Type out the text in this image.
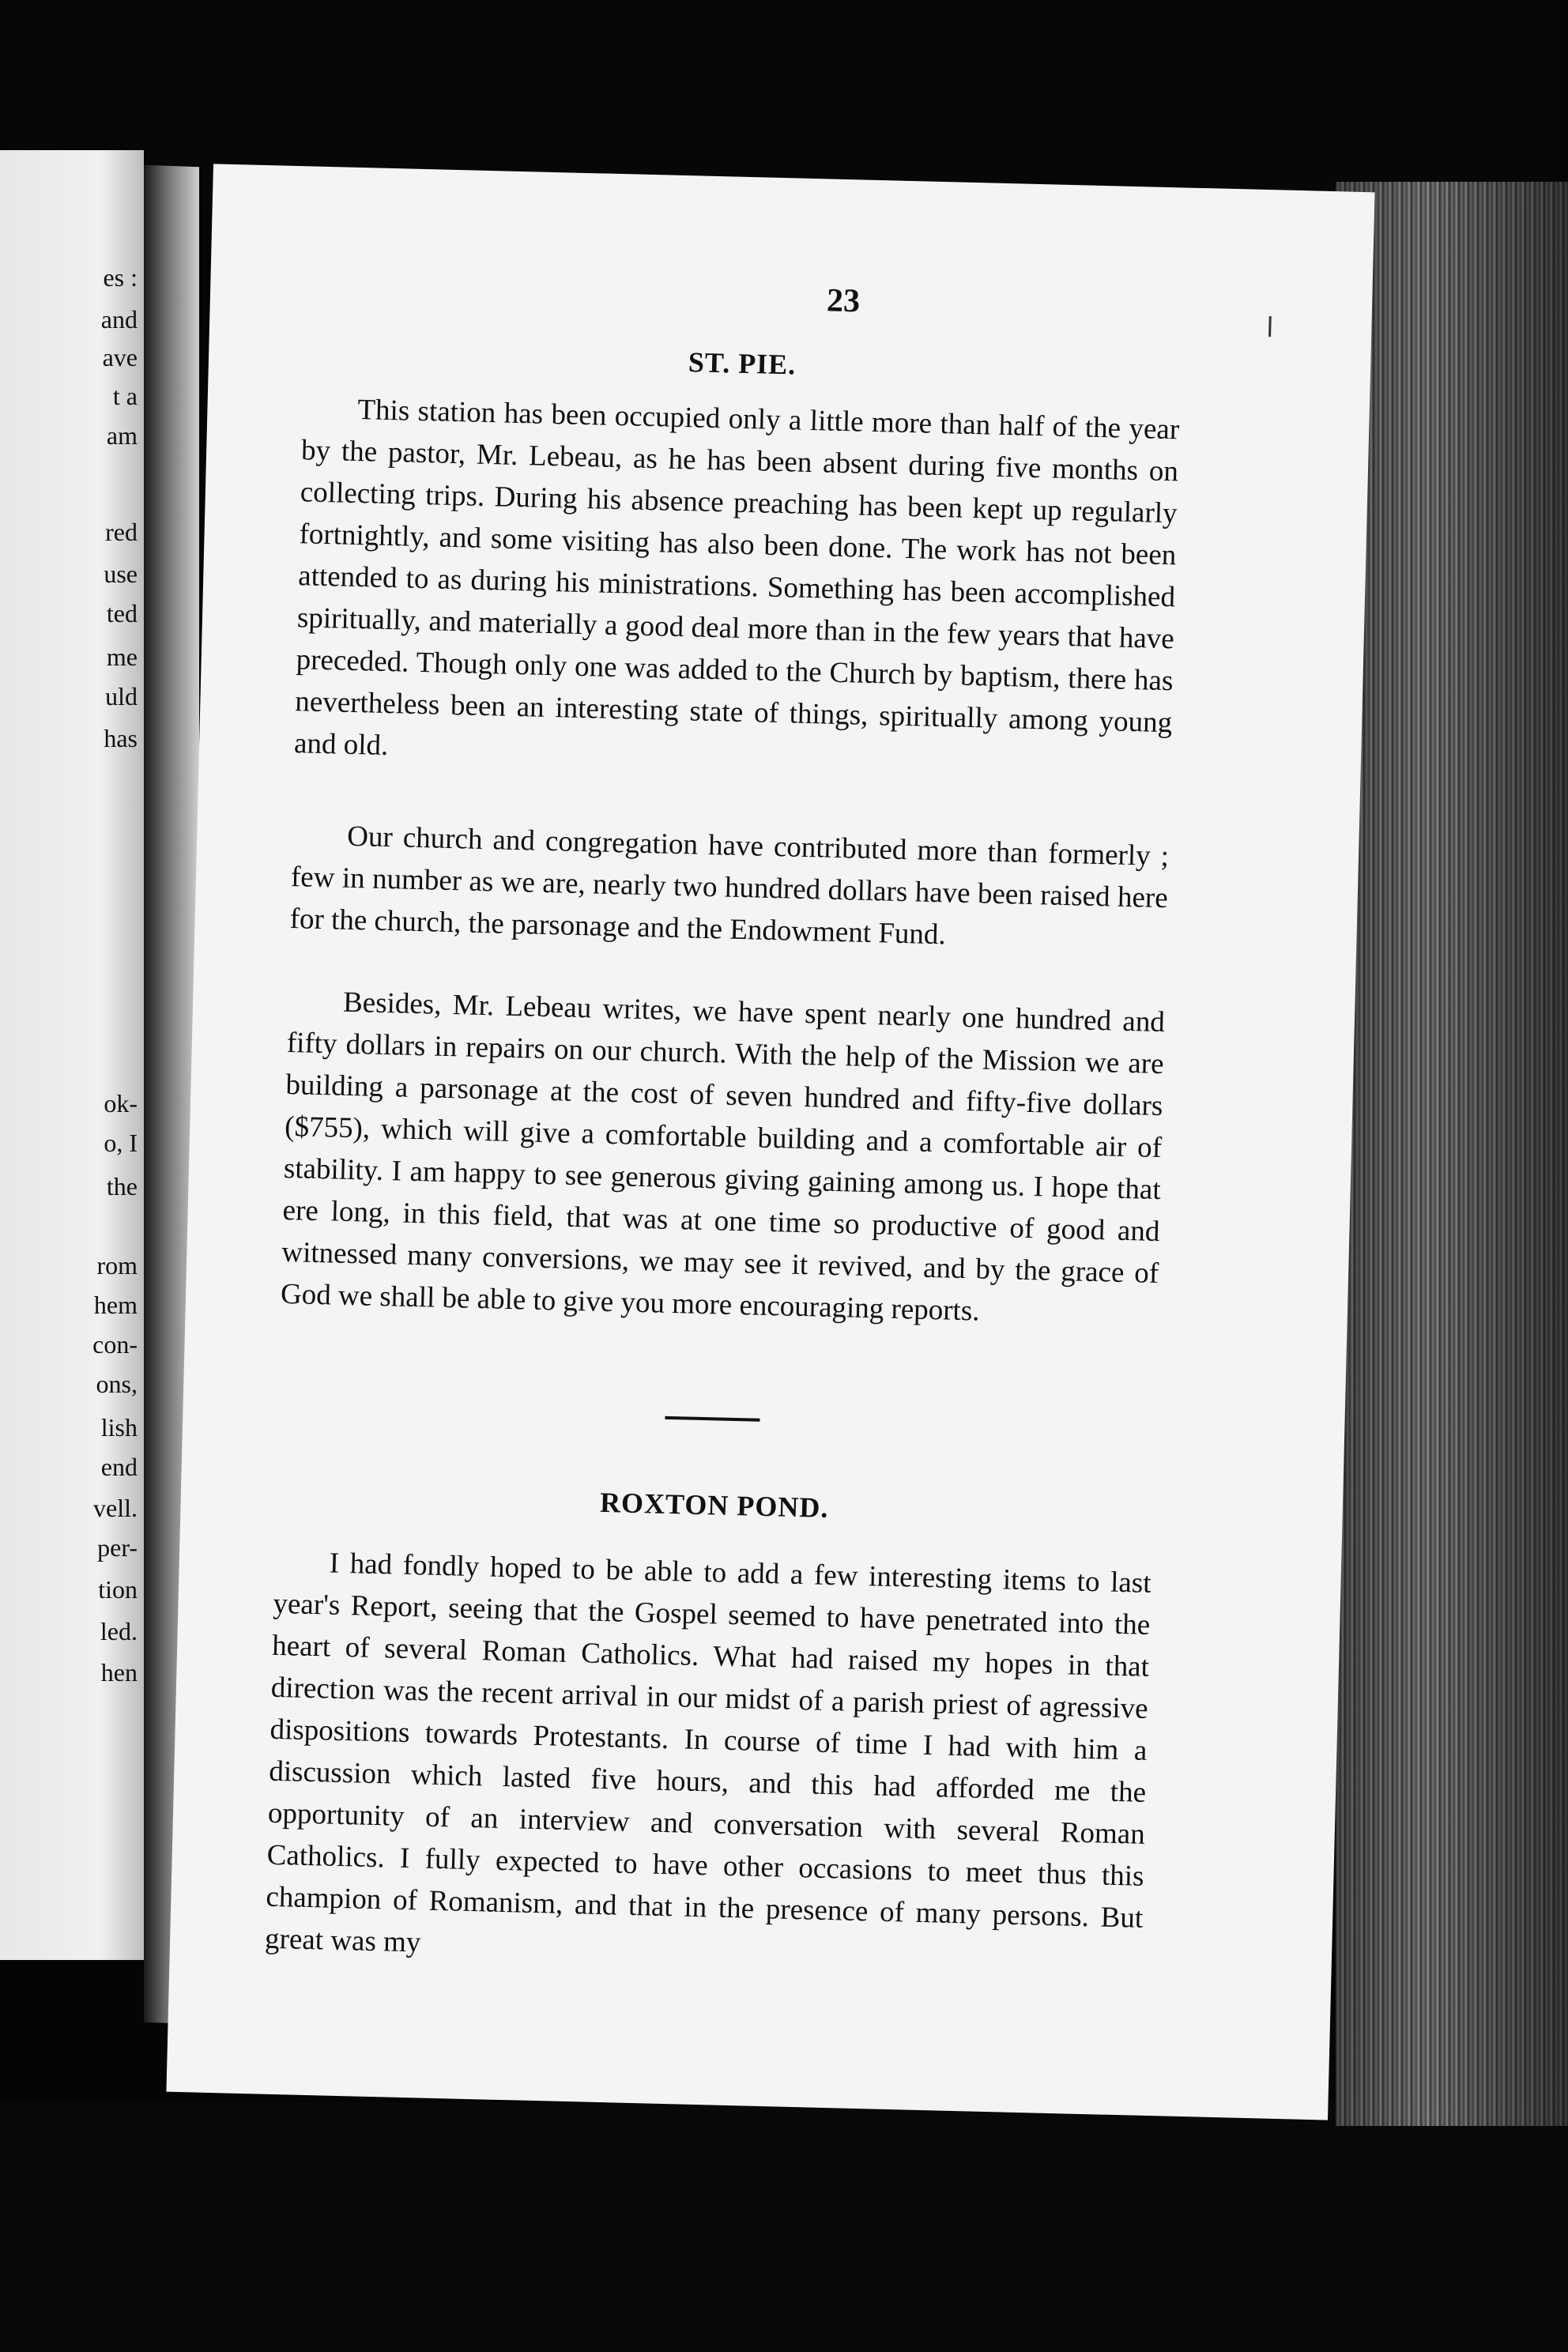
es :
and
ave
t a
am
red
use
ted
me
uld
has
ok-
o, I
the
rom
hem
con-
ons,
lish
end
vell.
per-
tion
led.
hen
23
ST. PIE.
This station has been occupied only a little more than half of the year by the pastor, Mr. Lebeau, as he has been absent during five months on collecting trips. During his absence preaching has been kept up regularly fortnightly, and some visiting has also been done. The work has not been attended to as during his ministrations. Something has been accomplished spiritually, and materially a good deal more than in the few years that have preceded. Though only one was added to the Church by baptism, there has nevertheless been an interesting state of things, spiritually among young and old.
Our church and congregation have contributed more than formerly ; few in number as we are, nearly two hundred dollars have been raised here for the church, the parsonage and the Endowment Fund.
Besides, Mr. Lebeau writes, we have spent nearly one hundred and fifty dollars in repairs on our church. With the help of the Mission we are building a parsonage at the cost of seven hundred and fifty-five dollars ($755), which will give a comfortable building and a comfortable air of stability. I am happy to see generous giving gaining among us. I hope that ere long, in this field, that was at one time so productive of good and witnessed many conversions, we may see it revived, and by the grace of God we shall be able to give you more encouraging reports.
ROXTON POND.
I had fondly hoped to be able to add a few interesting items to last year's Report, seeing that the Gospel seemed to have penetrated into the heart of several Roman Catholics. What had raised my hopes in that direction was the recent arrival in our midst of a parish priest of agressive dispositions towards Protestants. In course of time I had with him a discussion which lasted five hours, and this had afforded me the opportunity of an interview and conversation with several Roman Catholics. I fully expected to have other occasions to meet thus this champion of Romanism, and that in the presence of many persons. But great was my
